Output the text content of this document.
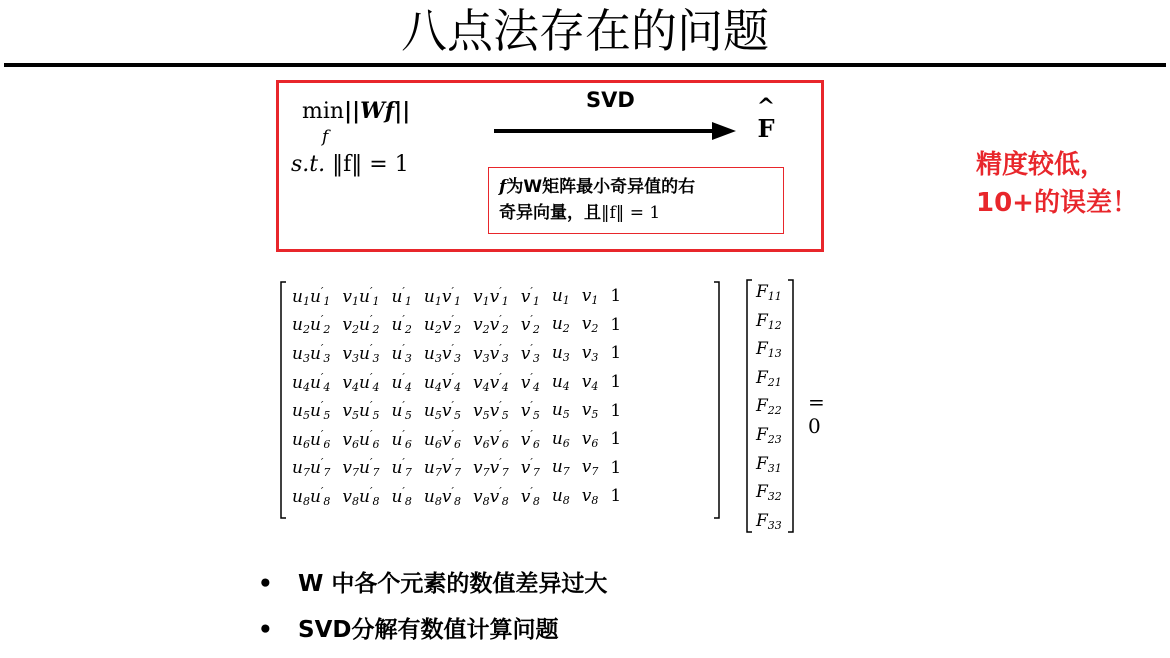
八点法存在的问题
min
f
||Wf||
s.t. ‖f‖ = 1
SVD	^
F
f为W矩阵最小奇异值的右
奇异向量，且‖f‖ = 1
精度较低，
10+的误差！
$u_1u'_1$	$v_1u'_1$	$u'_1$	$u_1v'_1$	$v_1v'_1$	$v'_1$	$u_1$	$v_1$	1
$u_2u'_2$	$v_2u'_2$	$u'_2$	$u_2v'_2$	$v_2v'_2$	$v'_2$	$u_2$	$v_2$	1
$u_3u'_3$	$v_3u'_3$	$u'_3$	$u_3v'_3$	$v_3v'_3$	$v'_3$	$u_3$	$v_3$	1
$u_4u'_4$	$v_4u'_4$	$u'_4$	$u_4v'_4$	$v_4v'_4$	$v'_4$	$u_4$	$v_4$	1
$u_5u'_5$	$v_5u'_5$	$u'_5$	$u_5v'_5$	$v_5v'_5$	$v'_5$	$u_5$	$v_5$	1
$u_6u'_6$	$v_6u'_6$	$u'_6$	$u_6v'_6$	$v_6v'_6$	$v'_6$	$u_6$	$v_6$	1
$u_7u'_7$	$v_7u'_7$	$u'_7$	$u_7v'_7$	$v_7v'_7$	$v'_7$	$u_7$	$v_7$	1
$u_8u'_8$	$v_8u'_8$	$u'_8$	$u_8v'_8$	$v_8v'_8$	$v'_8$	$u_8$	$v_8$	1
$F_{11}$
$F_{12}$
$F_{13}$
$F_{21}$
$F_{22}$
$F_{23}$
$F_{31}$
$F_{32}$
$F_{33}$
= 0
• W 中各个元素的数值差异过大
• SVD分解有数值计算问题
